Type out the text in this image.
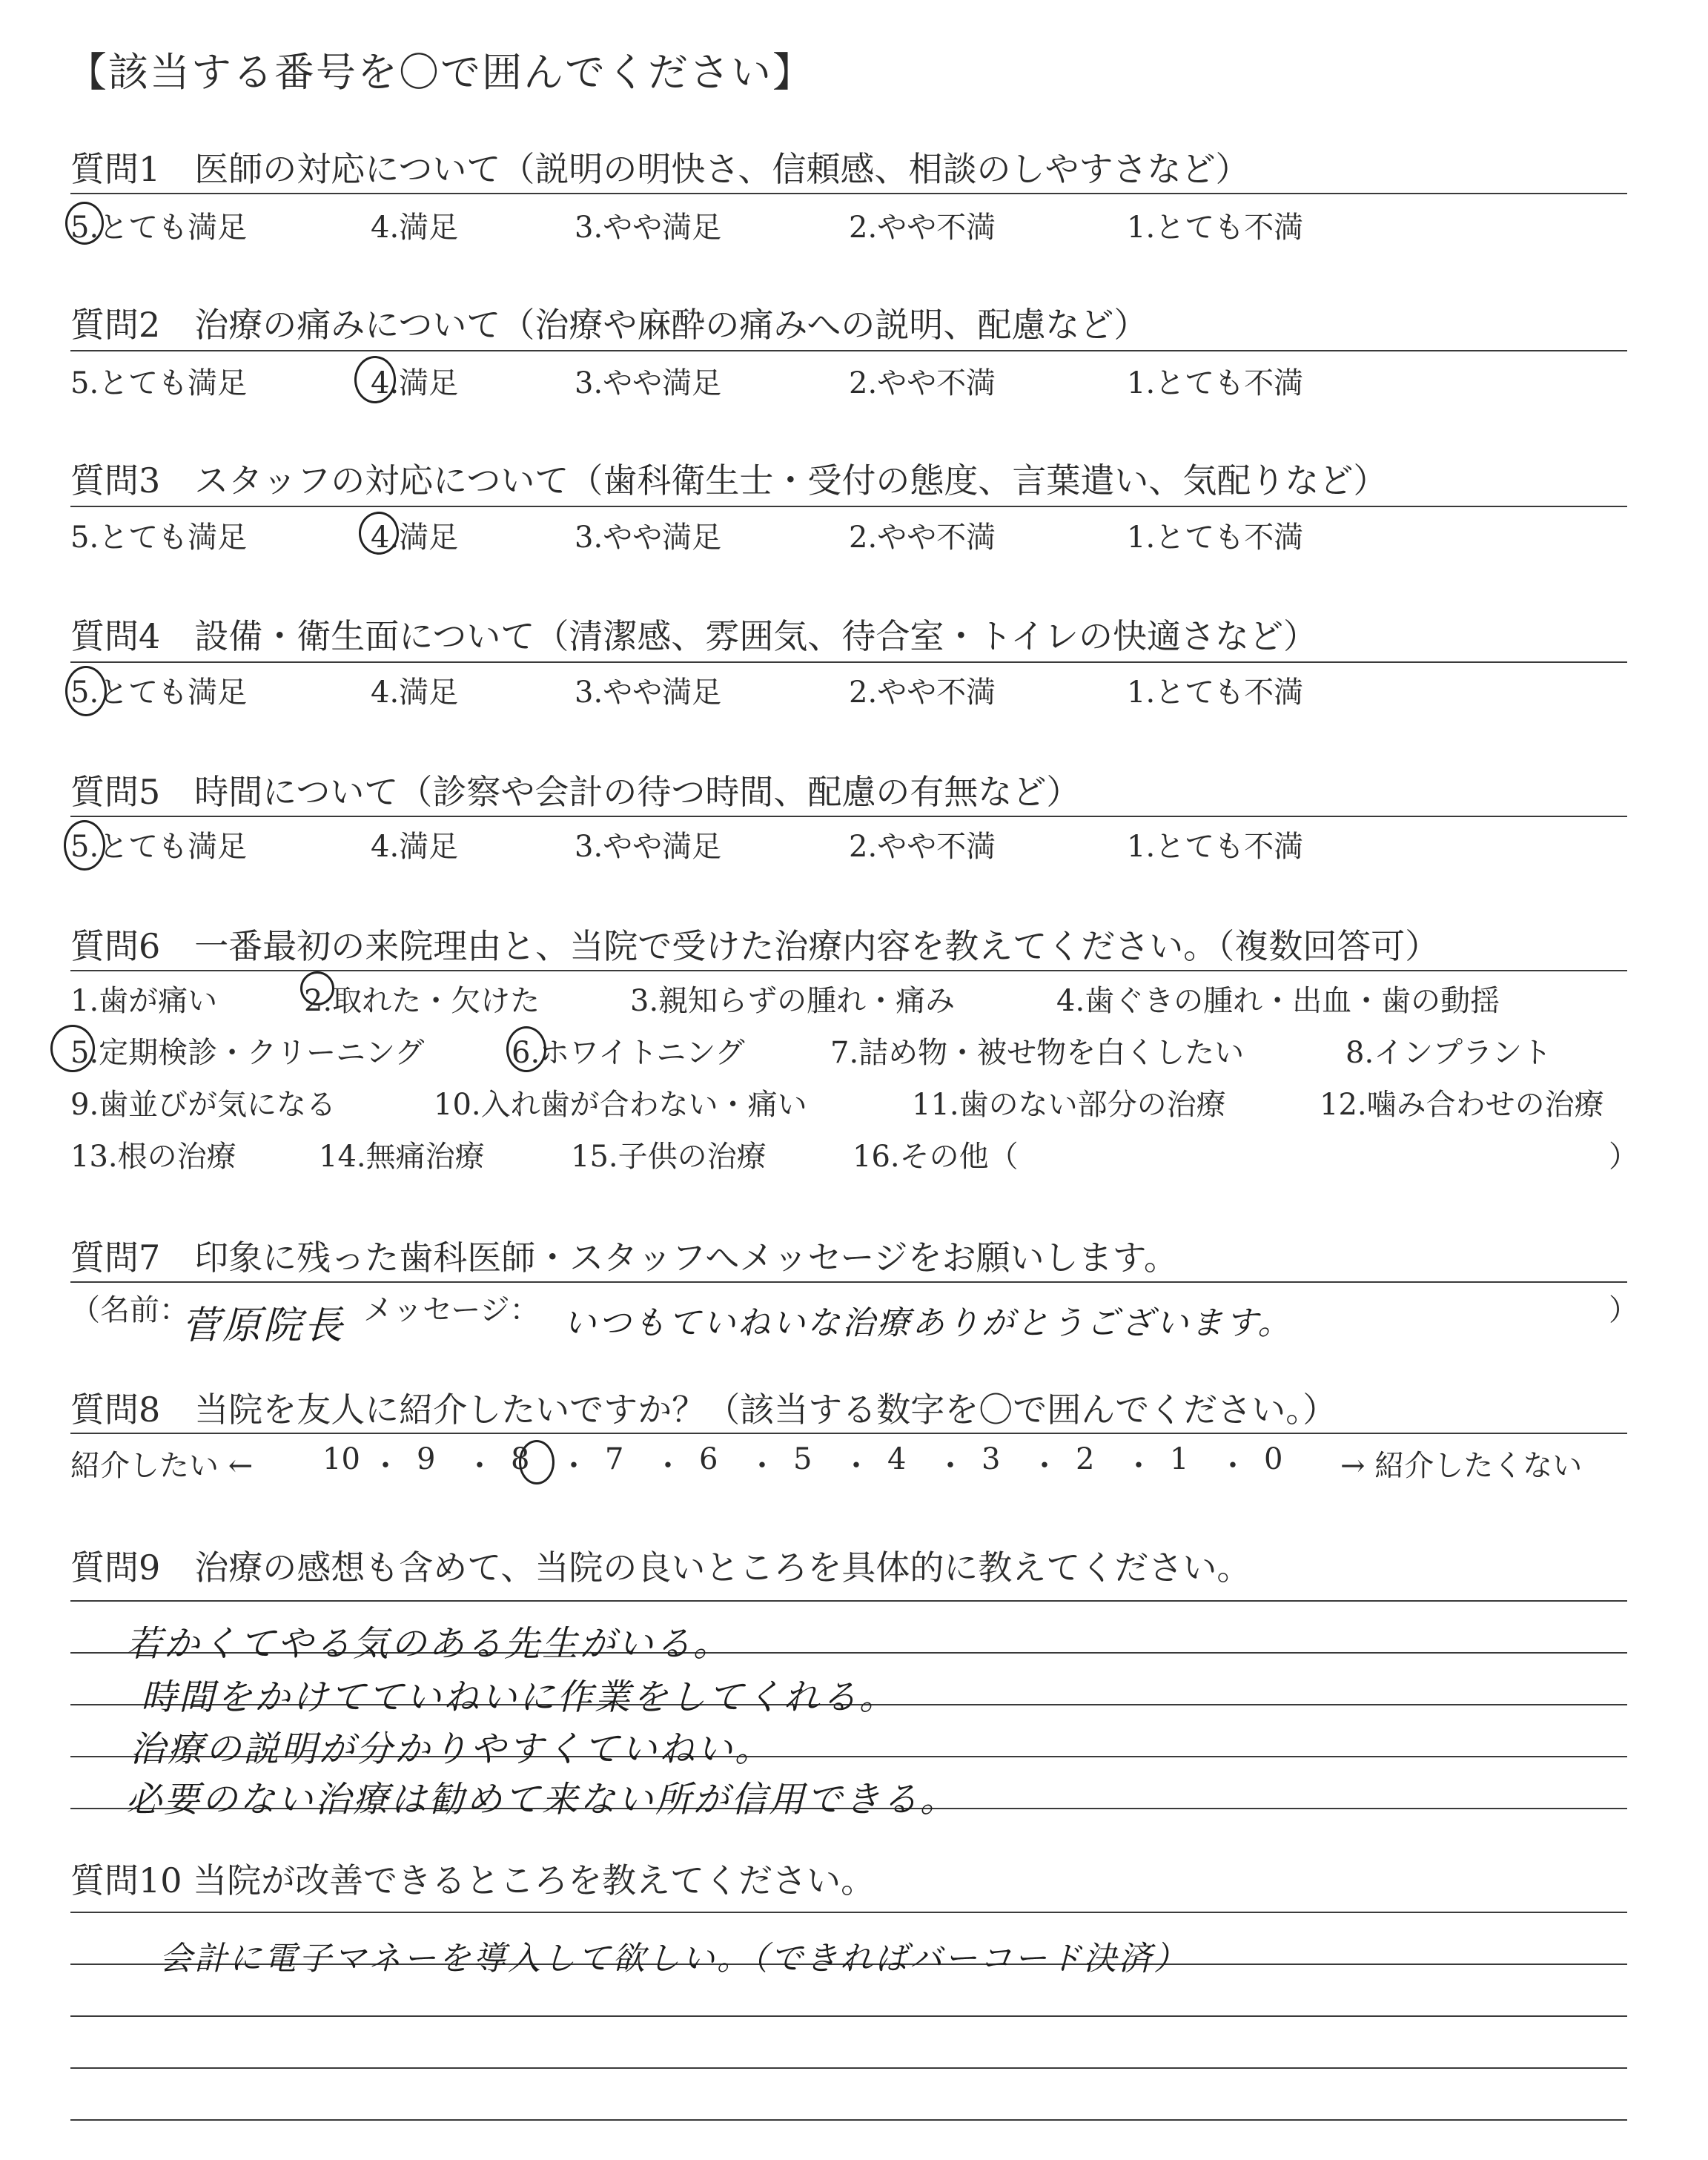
【該当する番号を〇で囲んでください】
質問1　医師の対応について（説明の明快さ、信頼感、相談のしやすさなど）
5.とても満足	4.満足	3.やや満足	2.やや不満	1.とても不満
質問2　治療の痛みについて（治療や麻酔の痛みへの説明、配慮など）
5.とても満足	4.満足	3.やや満足	2.やや不満	1.とても不満
質問3　スタッフの対応について（歯科衛生士・受付の態度、言葉遣い、気配りなど）
5.とても満足	4.満足	3.やや満足	2.やや不満	1.とても不満
質問4　設備・衛生面について（清潔感、雰囲気、待合室・トイレの快適さなど）
5.とても満足	4.満足	3.やや満足	2.やや不満	1.とても不満
質問5　時間について（診察や会計の待つ時間、配慮の有無など）
5.とても満足	4.満足	3.やや満足	2.やや不満	1.とても不満
質問6　一番最初の来院理由と、当院で受けた治療内容を教えてください。（複数回答可）
1.歯が痛い	2.取れた・欠けた	3.親知らずの腫れ・痛み	4.歯ぐきの腫れ・出血・歯の動揺
5.定期検診・クリーニング	6.ホワイトニング	7.詰め物・被せ物を白くしたい	8.インプラント
9.歯並びが気になる	10.入れ歯が合わない・痛い	11.歯のない部分の治療	12.噛み合わせの治療
13.根の治療	14.無痛治療	15.子供の治療	16.その他（	）
質問7　印象に残った歯科医師・スタッフへメッセージをお願いします。
（名前：
菅原院長 メッセージ： いつもていねいな治療ありがとうございます。	）
質問8　当院を友人に紹介したいですか？（該当する数字を〇で囲んでください。）
紹介したい ← 10 ・ 9 ・ 8 ・ 7 ・ 6 ・ 5 ・ 4 ・ 3 ・ 2 ・ 1 ・ 0 → 紹介したくない
質問9　治療の感想も含めて、当院の良いところを具体的に教えてください。
若かくてやる気のある先生がいる。
時間をかけてていねいに作業をしてくれる。
治療の説明が分かりやすくていねい。
必要のない治療は勧めて来ない所が信用できる。
質問10 当院が改善できるところを教えてください。
会計に電子マネーを導入して欲しい。（できればバーコード決済）
